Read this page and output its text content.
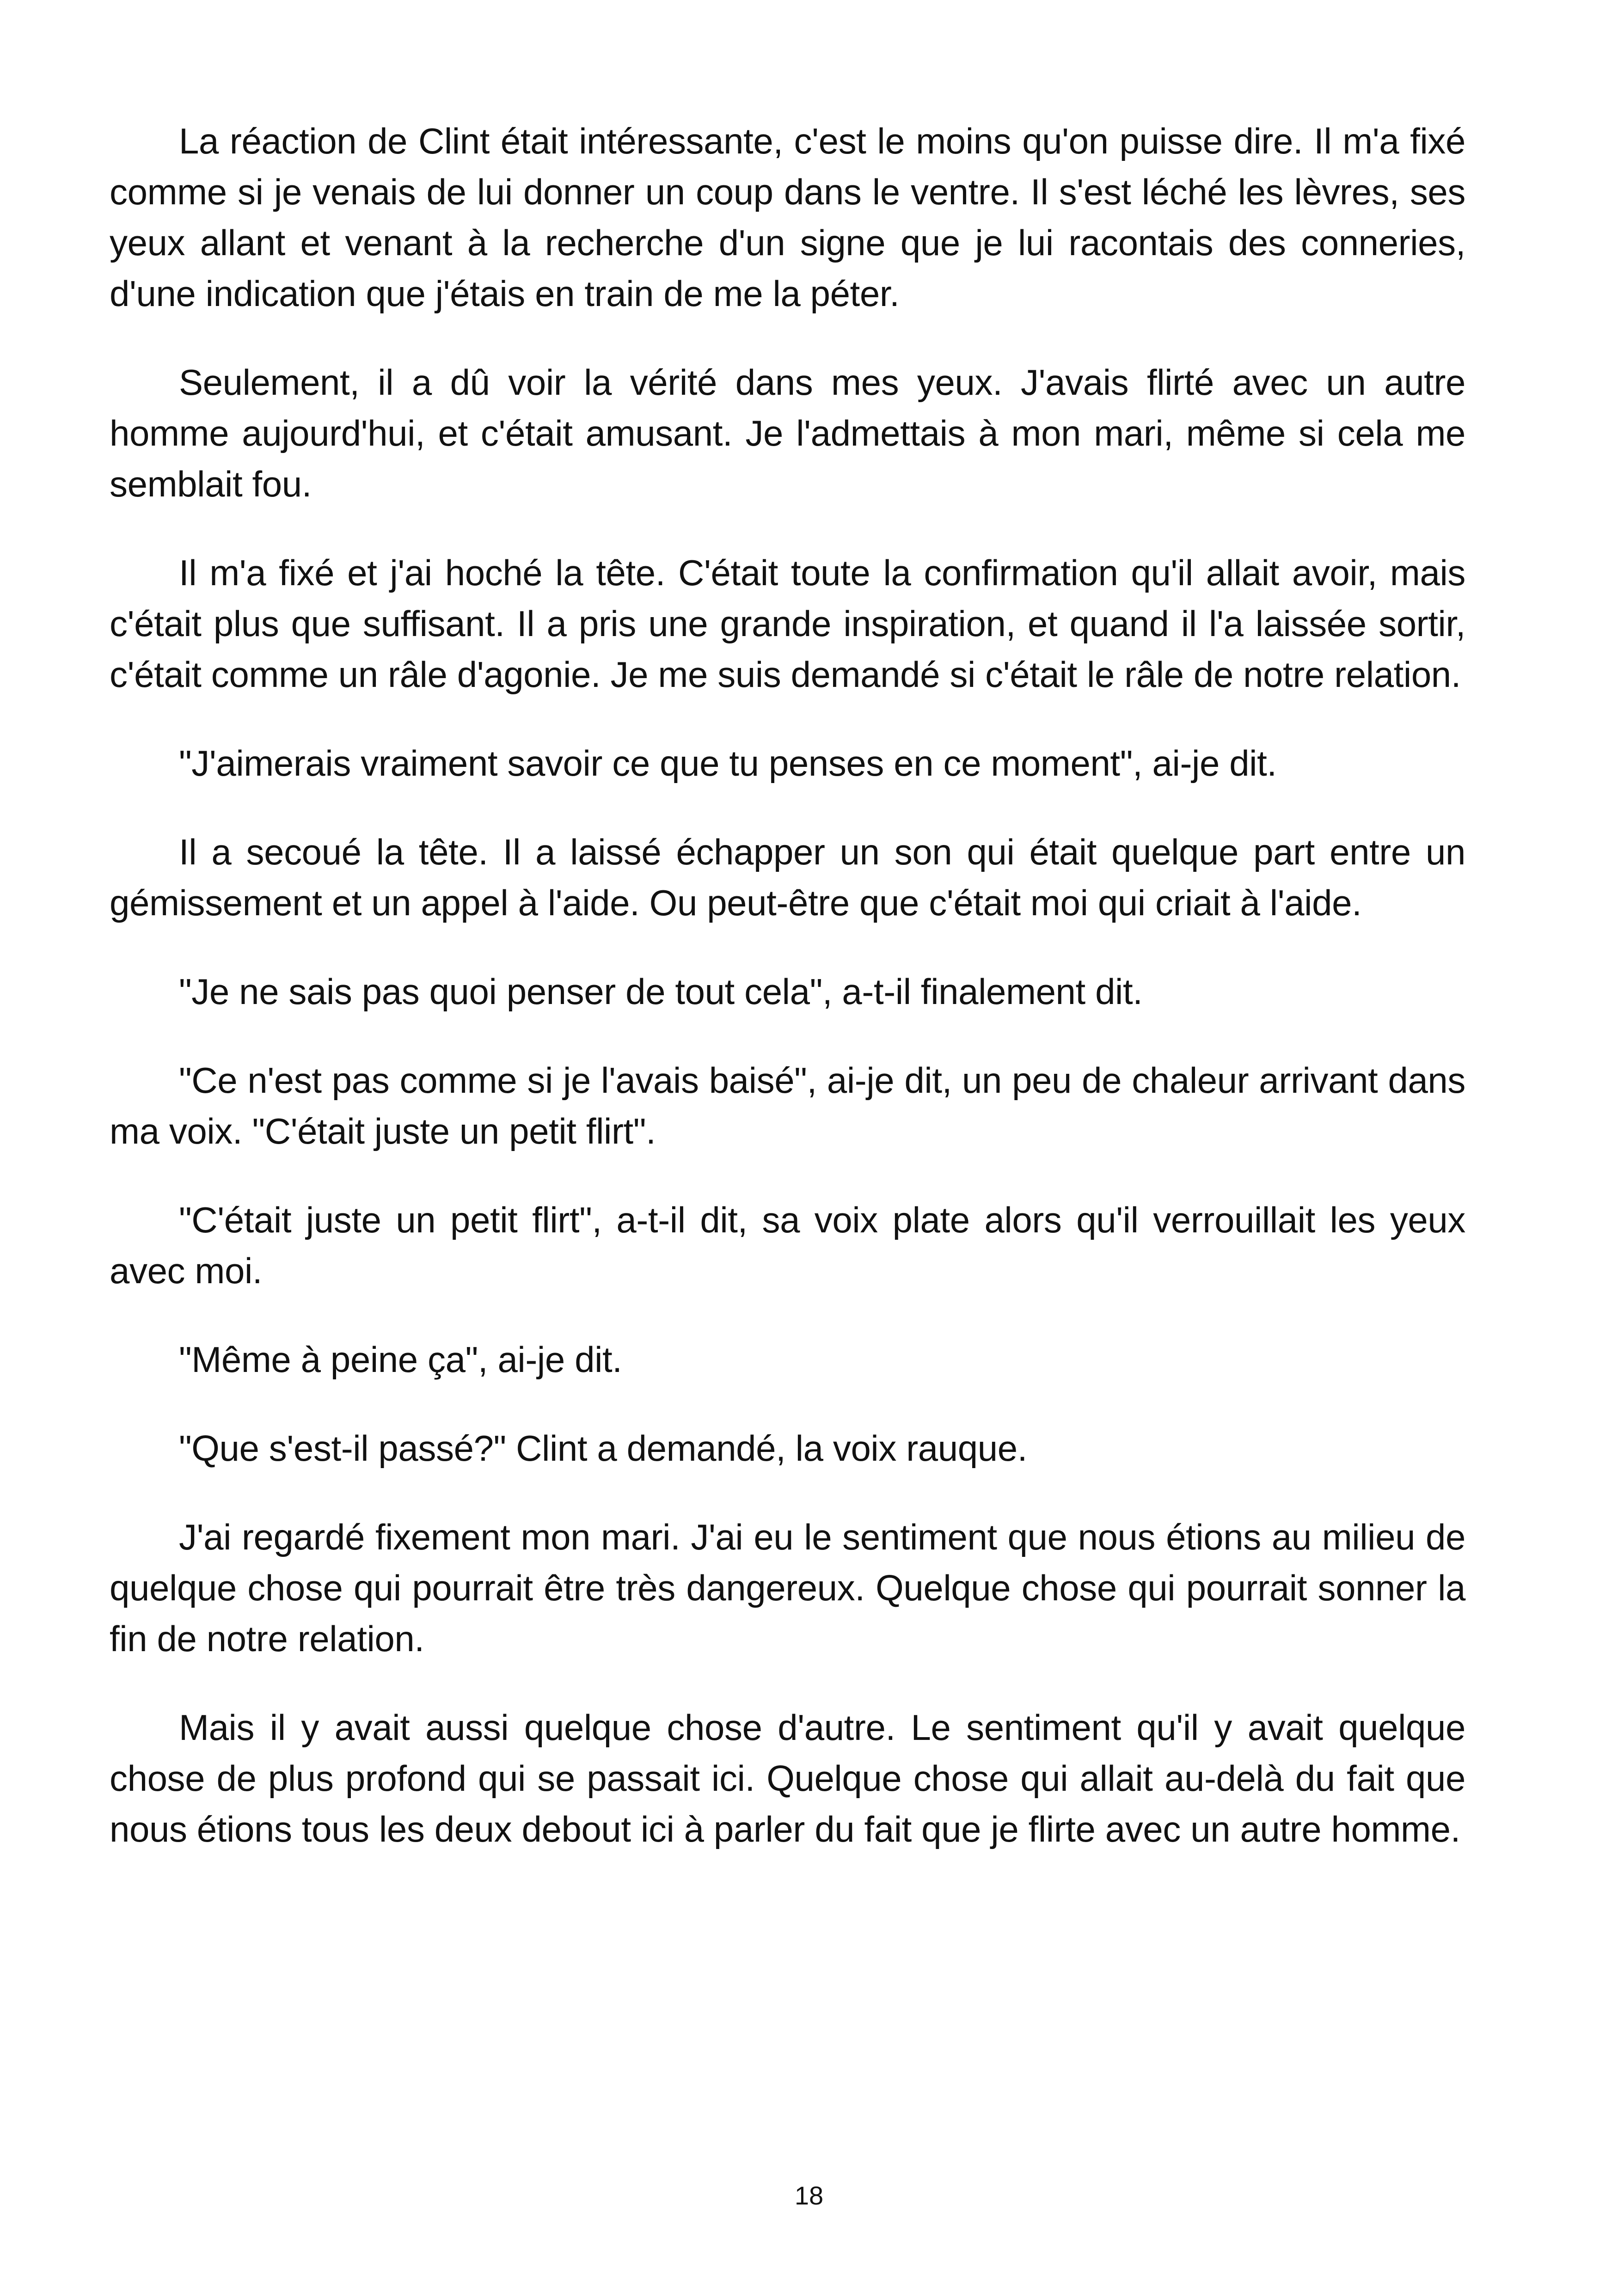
La réaction de Clint était intéressante, c'est le moins qu'on puisse dire. Il m'a fixé comme si je venais de lui donner un coup dans le ventre. Il s'est léché les lèvres, ses yeux allant et venant à la recherche d'un signe que je lui racontais des conneries, d'une indication que j'étais en train de me la péter.

Seulement, il a dû voir la vérité dans mes yeux. J'avais flirté avec un autre homme aujourd'hui, et c'était amusant. Je l'admettais à mon mari, même si cela me semblait fou.

Il m'a fixé et j'ai hoché la tête. C'était toute la confirmation qu'il allait avoir, mais c'était plus que suffisant. Il a pris une grande inspiration, et quand il l'a laissée sortir, c'était comme un râle d'agonie. Je me suis demandé si c'était le râle de notre relation.

"J'aimerais vraiment savoir ce que tu penses en ce moment", ai-je dit.

Il a secoué la tête. Il a laissé échapper un son qui était quelque part entre un gémissement et un appel à l'aide. Ou peut-être que c'était moi qui criait à l'aide.

"Je ne sais pas quoi penser de tout cela", a-t-il finalement dit.

"Ce n'est pas comme si je l'avais baisé", ai-je dit, un peu de chaleur arrivant dans ma voix. "C'était juste un petit flirt".

"C'était juste un petit flirt", a-t-il dit, sa voix plate alors qu'il verrouillait les yeux avec moi.

"Même à peine ça", ai-je dit.

"Que s'est-il passé?" Clint a demandé, la voix rauque.

J'ai regardé fixement mon mari. J'ai eu le sentiment que nous étions au milieu de quelque chose qui pourrait être très dangereux. Quelque chose qui pourrait sonner la fin de notre relation.

Mais il y avait aussi quelque chose d'autre. Le sentiment qu'il y avait quelque chose de plus profond qui se passait ici. Quelque chose qui allait au-delà du fait que nous étions tous les deux debout ici à parler du fait que je flirte avec un autre homme.

18
